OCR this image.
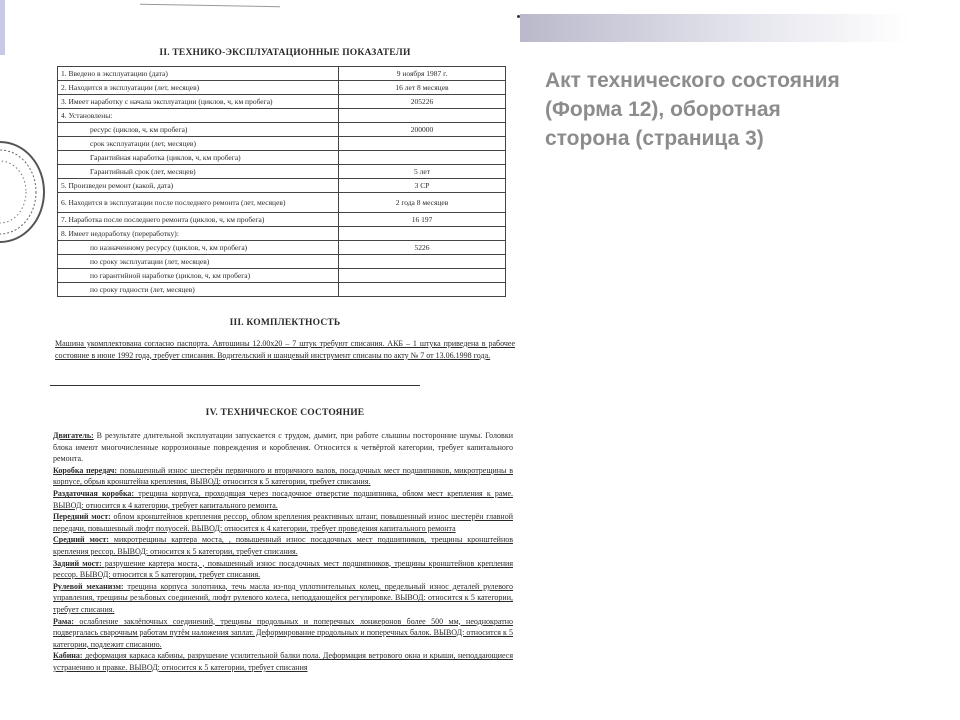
Акт технического состояния
(Форма 12), оборотная
сторона (страница 3)
II. ТЕХНИКО-ЭКСПЛУАТАЦИОННЫЕ ПОКАЗАТЕЛИ
1. Введено в эксплуатацию (дата)	9 ноября 1987 г.
2. Находится в эксплуатации (лет, месяцев)	16 лет 8 месяцев
3. Имеет наработку с начала эксплуатации (циклов, ч, км пробега)	205226
4. Установлены:	
ресурс (циклов, ч, км пробега)	200000
срок эксплуатации (лет, месяцев)	
Гарантийная наработка (циклов, ч, км пробега)	
Гарантийный срок (лет, месяцев)	5 лет
5. Произведен ремонт (какой, дата)	3 СР
6. Находится в эксплуатации после последнего ремонта (лет, месяцев)	2 года 8 месяцев
7. Наработка после последнего ремонта (циклов, ч, км пробега)	16 197
8. Имеет недоработку (переработку):	
по назначенному ресурсу (циклов, ч, км пробега)	5226
по сроку эксплуатации (лет, месяцев)	
по гарантийной наработке (циклов, ч, км пробега)	
по сроку годности (лет, месяцев)	
III. КОМПЛЕКТНОСТЬ
Машина укомплектована согласно паспорта. Автошины 12.00x20 – 7 штук требуют списания. АКБ – 1 штука приведена в рабочее состояние в июне 1992 года, требует списания. Водительский и шанцевый инструмент списаны по акту № 7 от 13.06.1998 года.
IV. ТЕХНИЧЕСКОЕ СОСТОЯНИЕ
Двигатель: В результате длительной эксплуатации запускается с трудом, дымит, при работе слышны посторонние шумы. Головки блока имеют многочисленные коррозионные повреждения и коробления. Относится к четвёртой категории, требует капитального ремонта.
Коробка передач: повышенный износ шестерён первичного и вторичного валов, посадочных мест подшипников, микротрещины в корпусе, обрыв кронштейна крепления, ВЫВОД: относится к 5 категории, требует списания.
Раздаточная коробка: трещина корпуса, проходящая через посадочное отверстие подшипника, облом мест крепления к раме. ВЫВОД: относится к 4 категории, требует капитального ремонта.
Передний мост: облом кронштейнов крепления рессор, облом крепления реактивных штанг, повышенный износ шестерён главной передачи, повышенный люфт полуосей. ВЫВОД: относится к 4 категории, требует проведения капитального ремонта
Средний мост: микротрещины картера моста, , повышенный износ посадочных мест подшипников, трещины кронштейнов крепления рессор. ВЫВОД: относится к 5 категории, требует списания.
Задний мост: разрушение картера моста, , повышенный износ посадочных мест подшипников, трещины кронштейнов крепления рессор. ВЫВОД: относится к 5 категории, требует списания.
Рулевой механизм: трещина корпуса золотника, течь масла из-под уплотнительных колец, предельный износ деталей рулевого управления, трещины резьбовых соединений, люфт рулевого колеса, неподдающейся регулировке. ВЫВОД: относится к 5 категории, требует списания.
Рама: ослабление заклёпочных соединений, трещины продольных и поперечных лонжеронов более 500 мм, неоднократно подвергалась сварочным работам путём наложения заплат. Деформирование продольных и поперечных балок. ВЫВОД: относится к 5 категории, подлежит списанию.
Кабина: деформация каркаса кабины, разрушение усилительной балки пола. Деформация ветрового окна и крыши, неподдающиеся устранению и правке. ВЫВОД: относится к 5 категории, требует списания
